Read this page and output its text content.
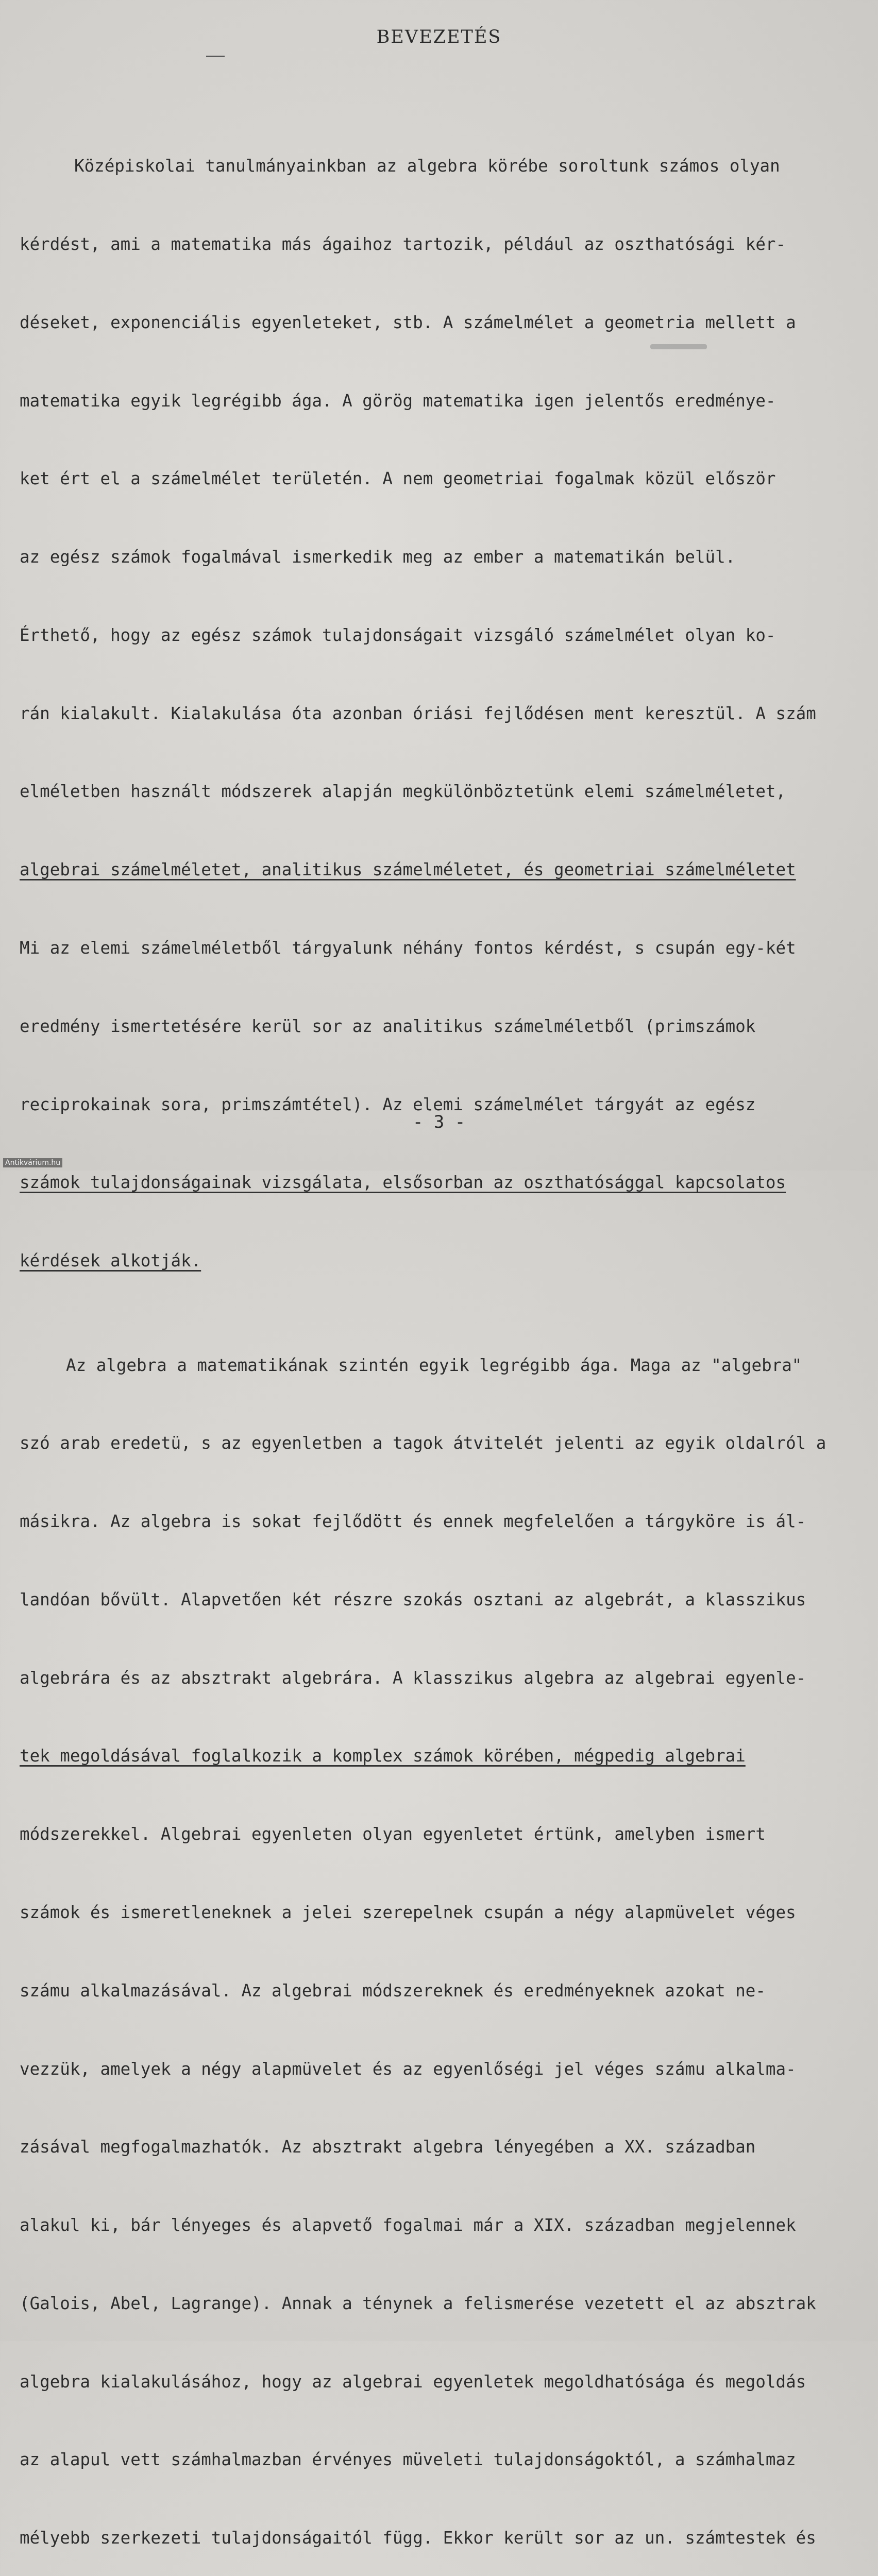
BEVEZETÉS

Középiskolai tanulmányainkban az algebra körébe soroltunk számos olyan

kérdést, ami a matematika más ágaihoz tartozik, például az oszthatósági kér-

déseket, exponenciális egyenleteket, stb. A számelmélet a geometria mellett a

matematika egyik legrégibb ága. A görög matematika igen jelentős eredménye-

ket ért el a számelmélet területén. A nem geometriai fogalmak közül először

az egész számok fogalmával ismerkedik meg az ember a matematikán belül.

Érthető, hogy az egész számok tulajdonságait vizsgáló számelmélet olyan ko-

rán kialakult. Kialakulása óta azonban óriási fejlődésen ment keresztül. A szám

elméletben használt módszerek alapján megkülönböztetünk elemi számelméletet,

algebrai számelméletet, analitikus számelméletet, és geometriai számelméletet

Mi az elemi számelméletből tárgyalunk néhány fontos kérdést, s csupán egy-két

eredmény ismertetésére kerül sor az analitikus számelméletből (primszámok

reciprokainak sora, primszámtétel). Az elemi számelmélet tárgyát az egész

számok tulajdonságainak vizsgálata, elsősorban az oszthatósággal kapcsolatos

kérdések alkotják.

Az algebra a matematikának szintén egyik legrégibb ága. Maga az "algebra"

szó arab eredetü, s az egyenletben a tagok átvitelét jelenti az egyik oldalról a

másikra. Az algebra is sokat fejlődött és ennek megfelelően a tárgyköre is ál-

landóan bővült. Alapvetően két részre szokás osztani az algebrát, a klasszikus

algebrára és az absztrakt algebrára. A klasszikus algebra az algebrai egyenle-

tek megoldásával foglalkozik a komplex számok körében, mégpedig algebrai

módszerekkel. Algebrai egyenleten olyan egyenletet értünk, amelyben ismert

számok és ismeretleneknek a jelei szerepelnek csupán a négy alapmüvelet véges

számu alkalmazásával. Az algebrai módszereknek és eredményeknek azokat ne-

vezzük, amelyek a négy alapmüvelet és az egyenlőségi jel véges számu alkalma-

zásával megfogalmazhatók. Az absztrakt algebra lényegében a XX. században

alakul ki, bár lényeges és alapvető fogalmai már a XIX. században megjelennek

(Galois, Abel, Lagrange). Annak a ténynek a felismerése vezetett el az absztrak

algebra kialakulásához, hogy az algebrai egyenletek megoldhatósága és megoldás

az alapul vett számhalmazban érvényes müveleti tulajdonságoktól, a számhalmaz

mélyebb szerkezeti tulajdonságaitól függ. Ekkor került sor az un. számtestek és

- 3 -
Antikvárium.hu
